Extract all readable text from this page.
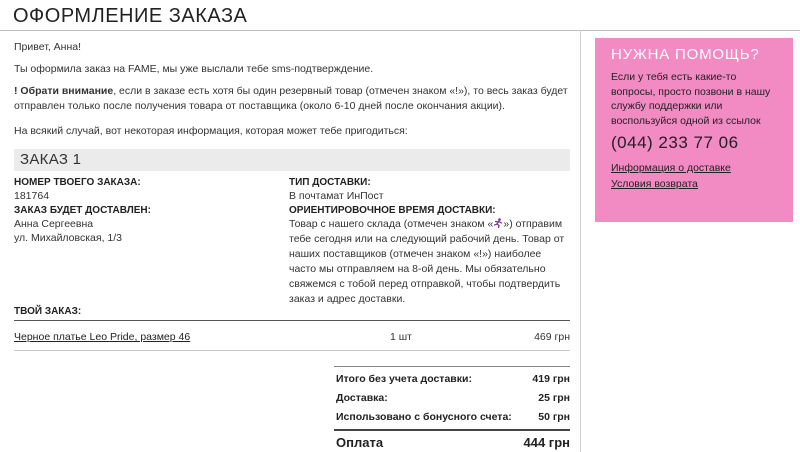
ОФОРМЛЕНИЕ ЗАКАЗА
Привет, Анна!
Ты оформила заказ на FAME, мы уже выслали тебе sms-подтверждение.
! Обрати внимание, если в заказе есть хотя бы один резервный товар (отмечен знаком «!»), то весь заказ будет
отправлен только после получения товара от поставщика (около 6-10 дней после окончания акции).
На всякий случай, вот некоторая информация, которая может тебе пригодиться:
ЗАКАЗ 1
НОМЕР ТВОЕГО ЗАКАЗА:
181764
ЗАКАЗ БУДЕТ ДОСТАВЛЕН:
Анна Сергеевна
ул. Михайловская, 1/3
ТИП ДОСТАВКИ:
В почтамат ИнПост
ОРИЕНТИРОВОЧНОЕ ВРЕМЯ ДОСТАВКИ:
Товар с нашего склада (отмечен знаком « ») отправим
тебе сегодня или на следующий рабочий день. Товар от
наших поставщиков (отмечен знаком «!») наиболее
часто мы отправляем на 8-ой день. Мы обязательно
свяжемся с тобой перед отправкой, чтобы подтвердить
заказ и адрес доставки.
ТВОЙ ЗАКАЗ:
Черное платье Leo Pride, размер 46	1 шт	469 грн
Итого без учета доставки:	419 грн
Доставка:	25 грн
Использовано с бонусного счета:	50 грн
Оплата	444 грн
НУЖНА ПОМОЩЬ?
Если у тебя есть какие-то вопросы, просто позвони в нашу службу поддержки или воспользуйся одной из ссылок
(044) 233 77 06
Информация о доставке
Условия возврата
